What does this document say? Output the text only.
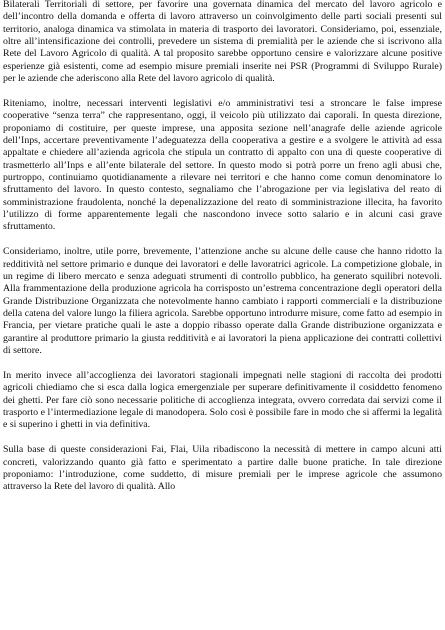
Bilaterali Territoriali di settore, per favorire una governata dinamica del mercato del lavoro agricolo e dell’incontro della domanda e offerta di lavoro attraverso un coinvolgimento delle parti sociali presenti sul territorio, analoga dinamica va stimolata in materia di trasporto dei lavoratori. Consideriamo, poi, essenziale, oltre all’intensificazione dei controlli, prevedere un sistema di premialità per le aziende che si iscrivono alla Rete del Lavoro Agricolo di qualità. A tal proposito sarebbe opportuno censire e valorizzare alcune positive esperienze già esistenti, come ad esempio misure premiali inserite nei PSR (Programmi di Sviluppo Rurale) per le aziende che aderiscono alla Rete del lavoro agricolo di qualità.

Riteniamo, inoltre, necessari interventi legislativi e/o amministrativi tesi a stroncare le false imprese cooperative “senza terra” che rappresentano, oggi, il veicolo più utilizzato dai caporali. In questa direzione, proponiamo di costituire, per queste imprese, una apposita sezione nell’anagrafe delle aziende agricole dell’Inps, accertare preventivamente l’adeguatezza della cooperativa a gestire e a svolgere le attività ad essa appaltate e chiedere all’azienda agricola che stipula un contratto di appalto con una di queste cooperative di trasmetterlo all’Inps e all’ente bilaterale del settore. In questo modo si potrà porre un freno agli abusi che, purtroppo, continuiamo quotidianamente a rilevare nei territori e che hanno come comun denominatore lo sfruttamento del lavoro. In questo contesto, segnaliamo che l’abrogazione per via legislativa del reato di somministrazione fraudolenta, nonché la depenalizzazione del reato di somministrazione illecita, ha favorito l’utilizzo di forme apparentemente legali che nascondono invece sotto salario e in alcuni casi grave sfruttamento.

Consideriamo, inoltre, utile porre, brevemente, l’attenzione anche su alcune delle cause che hanno ridotto la redditività nel settore primario e dunque dei lavoratori e delle lavoratrici agricole. La competizione globale, in un regime di libero mercato e senza adeguati strumenti di controllo pubblico, ha generato squilibri notevoli. Alla frammentazione della produzione agricola ha corrisposto un’estrema concentrazione degli operatori della Grande Distribuzione Organizzata che notevolmente hanno cambiato i rapporti commerciali e la distribuzione della catena del valore lungo la filiera agricola. Sarebbe opportuno introdurre misure, come fatto ad esempio in Francia, per vietare pratiche quali le aste a doppio ribasso operate dalla Grande distribuzione organizzata e garantire al produttore primario la giusta redditività e ai lavoratori la piena applicazione dei contratti collettivi di settore.

In merito invece all’accoglienza dei lavoratori stagionali impegnati nelle stagioni di raccolta dei prodotti agricoli chiediamo che si esca dalla logica emergenziale per superare definitivamente il cosiddetto fenomeno dei ghetti. Per fare ciò sono necessarie politiche di accoglienza integrata, ovvero corredata dai servizi come il trasporto e l’intermediazione legale di manodopera. Solo così è possibile fare in modo che si affermi la legalità e si superino i ghetti in via definitiva.

Sulla base di queste considerazioni Fai, Flai, Uila ribadiscono la necessità di mettere in campo alcuni atti concreti, valorizzando quanto già fatto e sperimentato a partire dalle buone pratiche. In tale direzione proponiamo: l’introduzione, come suddetto, di misure premiali per le imprese agricole che assumono attraverso la Rete del lavoro di qualità. Allo
